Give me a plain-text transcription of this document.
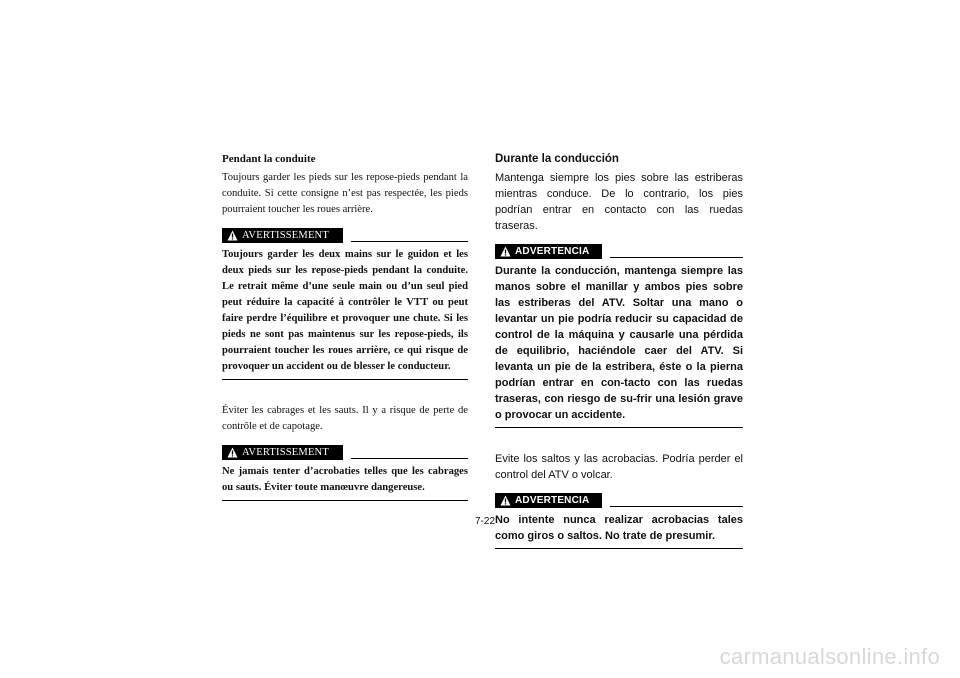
Pendant la conduite

Toujours garder les pieds sur les repose-pieds pendant la conduite. Si cette consigne n’est pas respectée, les pieds pourraient toucher les roues arrière.

AVERTISSEMENT

Toujours garder les deux mains sur le guidon et les deux pieds sur les repose-pieds pendant la conduite. Le retrait même d’une seule main ou d’un seul pied peut réduire la capacité à contrôler le VTT ou peut faire perdre l’équilibre et provoquer une chute. Si les pieds ne sont pas maintenus sur les repose-pieds, ils pourraient toucher les roues arrière, ce qui risque de provoquer un accident ou de blesser le conducteur.

Éviter les cabrages et les sauts. Il y a risque de perte de contrôle et de capotage.

AVERTISSEMENT

Ne jamais tenter d’acrobaties telles que les cabrages ou sauts. Éviter toute manœuvre dangereuse.

Durante la conducción

Mantenga siempre los pies sobre las estriberas mientras conduce. De lo contrario, los pies podrían entrar en contacto con las ruedas traseras.

ADVERTENCIA

Durante la conducción, mantenga siempre las manos sobre el manillar y ambos pies sobre las estriberas del ATV. Soltar una mano o levantar un pie podría reducir su capacidad de control de la máquina y causarle una pérdida de equilibrio, haciéndole caer del ATV. Si levanta un pie de la estribera, éste o la pierna podrían entrar en con-tacto con las ruedas traseras, con riesgo de su-frir una lesión grave o provocar un accidente.

Evite los saltos y las acrobacias. Podría perder el control del ATV o volcar.

ADVERTENCIA

No intente nunca realizar acrobacias tales como giros o saltos. No trate de presumir.

7-22
carmanualsonline.info
